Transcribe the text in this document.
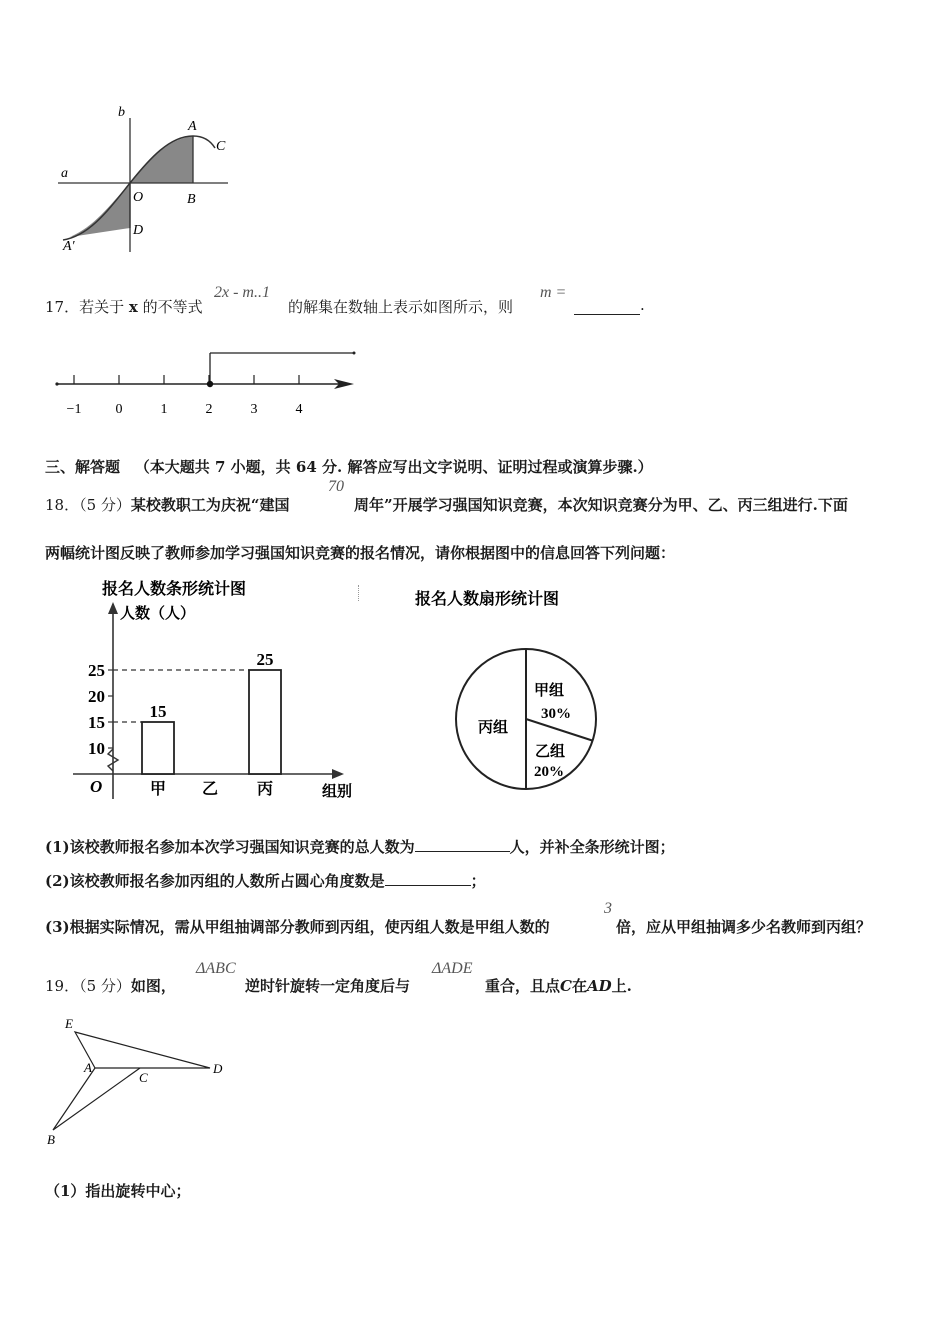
b
A
C
a
O	B
D
A′
17．若关于 x 的不等式
2x - m..1
的解集在数轴上表示如图所示，则
m =
.
−1 0	1	2	3	4
三、解答题 （本大题共 7 小题，共 64 分. 解答应写出文字说明、证明过程或演算步骤.）
18．（5 分）某校教职工为庆祝“建国
70
周年”开展学习强国知识竞赛，本次知识竞赛分为甲、乙、丙三组进行.下面
两幅统计图反映了教师参加学习强国知识竞赛的报名情况，请你根据图中的信息回答下列问题：
报名人数条形统计图
人数（人）
O	组别
10
15
20
25
15
25
甲 乙 丙
报名人数扇形统计图
甲组
30%
乙组
20%
丙组
(1)该校教师报名参加本次学习强国知识竞赛的总人数为	人，并补全条形统计图；
(2)该校教师报名参加丙组的人数所占圆心角度数是	；
(3)根据实际情况，需从甲组抽调部分教师到丙组，使丙组人数是甲组人数的
3
倍，应从甲组抽调多少名教师到丙组？
19．（5 分）如图，
ΔABC
逆时针旋转一定角度后与
ΔADE
重合，且点C在AD上.
E
A
C
D
B
（1）指出旋转中心；
